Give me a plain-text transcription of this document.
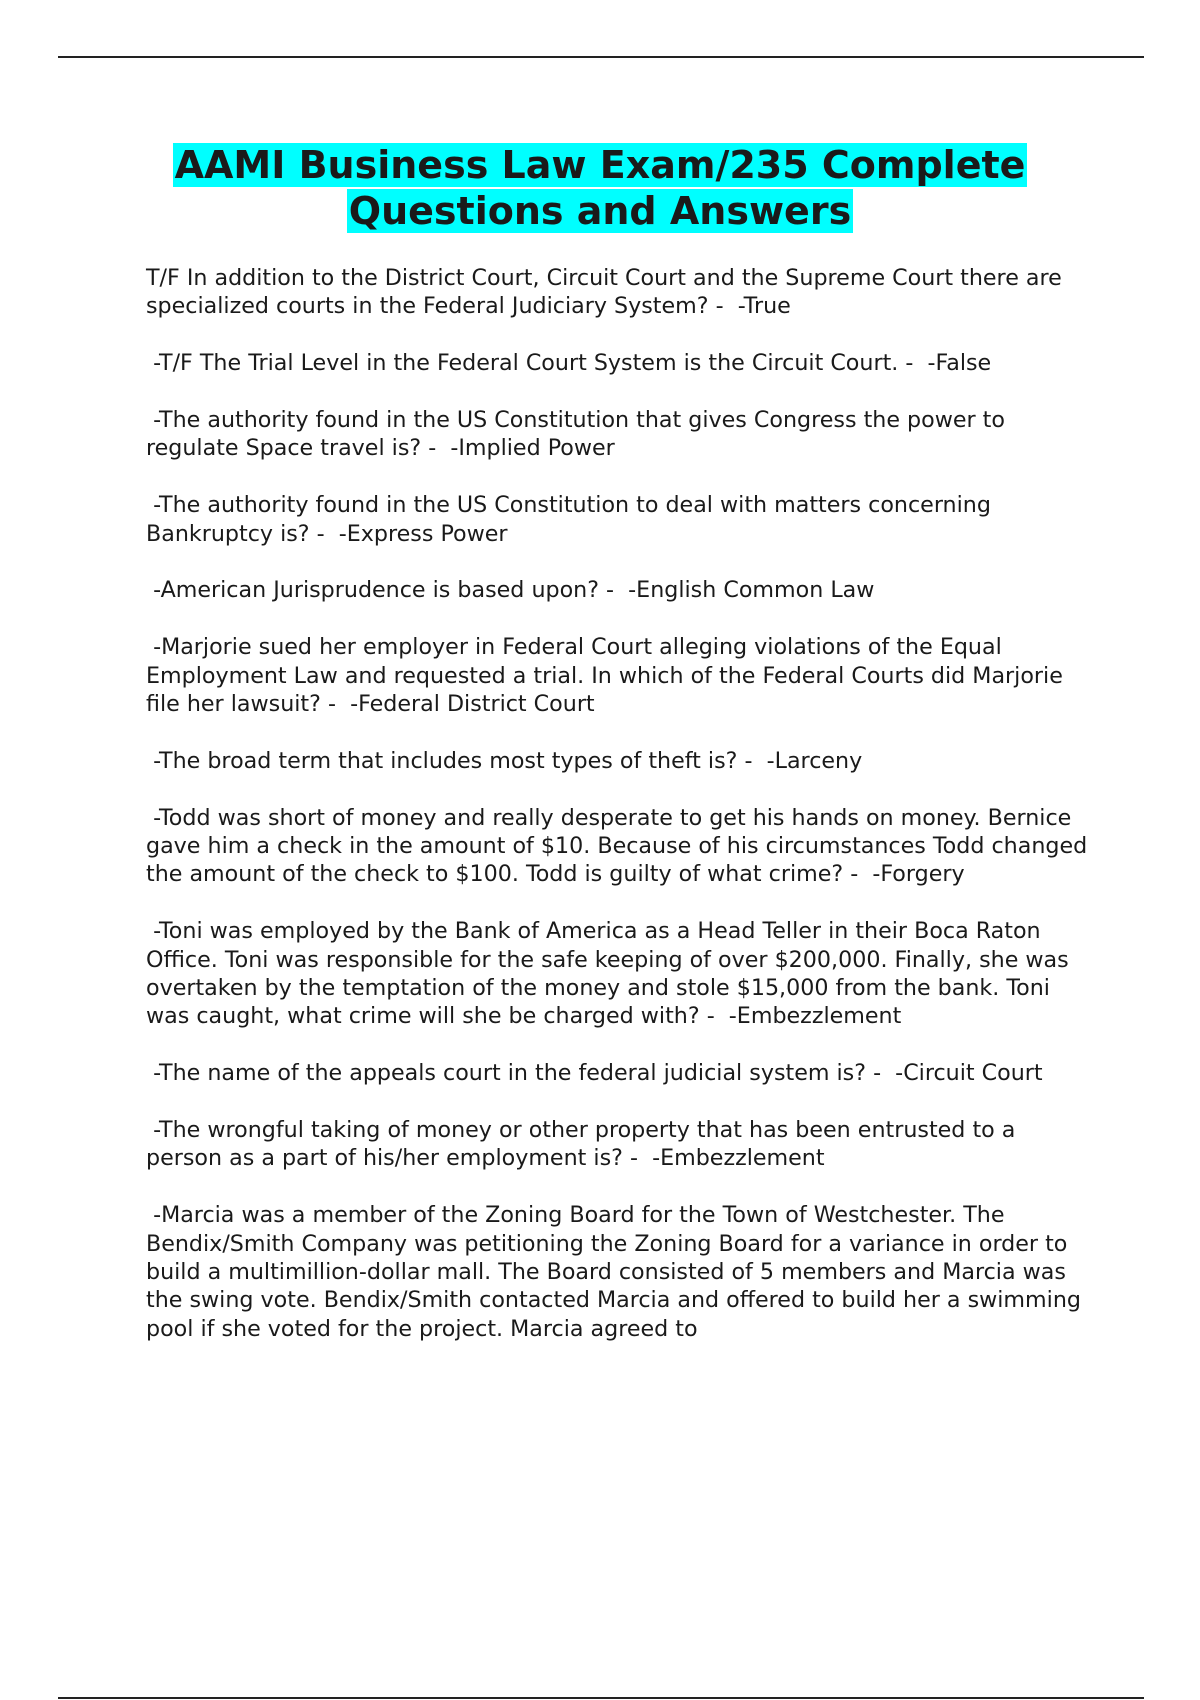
AAMI Business Law Exam/235 Complete
Questions and Answers

T/F In addition to the District Court, Circuit Court and the Supreme Court there are specialized courts in the Federal Judiciary System? -  -True

-T/F The Trial Level in the Federal Court System is the Circuit Court. -  -False

-The authority found in the US Constitution that gives Congress the power to regulate Space travel is? -  -Implied Power

-The authority found in the US Constitution to deal with matters concerning Bankruptcy is? -  -Express Power

-American Jurisprudence is based upon? -  -English Common Law

-Marjorie sued her employer in Federal Court alleging violations of the Equal Employment Law and requested a trial. In which of the Federal Courts did Marjorie file her lawsuit? -  -Federal District Court

-The broad term that includes most types of theft is? -  -Larceny

-Todd was short of money and really desperate to get his hands on money. Bernice gave him a check in the amount of $10. Because of his circumstances Todd changed the amount of the check to $100. Todd is guilty of what crime? -  -Forgery

-Toni was employed by the Bank of America as a Head Teller in their Boca Raton Office. Toni was responsible for the safe keeping of over $200,000. Finally, she was overtaken by the temptation of the money and stole $15,000 from the bank. Toni was caught, what crime will she be charged with? -  -Embezzlement

-The name of the appeals court in the federal judicial system is? -  -Circuit Court

-The wrongful taking of money or other property that has been entrusted to a person as a part of his/her employment is? -  -Embezzlement

-Marcia was a member of the Zoning Board for the Town of Westchester. The Bendix/Smith Company was petitioning the Zoning Board for a variance in order to build a multimillion-dollar mall. The Board consisted of 5 members and Marcia was the swing vote. Bendix/Smith contacted Marcia and offered to build her a swimming pool if she voted for the project. Marcia agreed to
